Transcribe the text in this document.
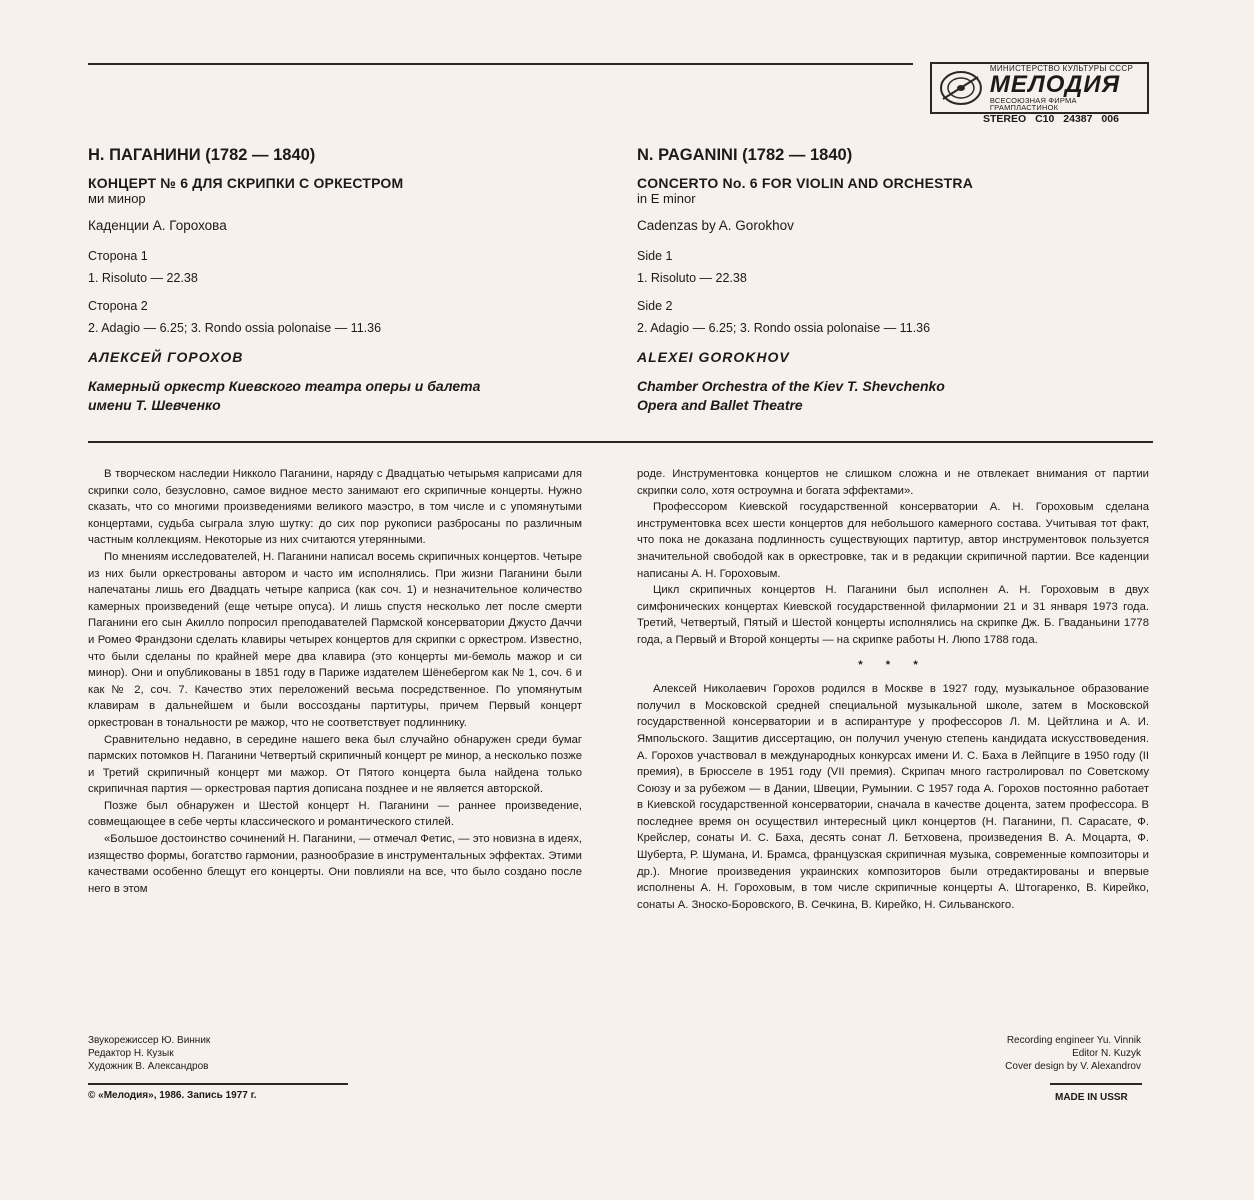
МИНИСТЕРСТВО КУЛЬТУРЫ СССР
МЕЛОДИЯ
ВСЕСОЮЗНАЯ ФИРМА ГРАМПЛАСТИНОК
STEREO С10 24387 006
Н. ПАГАНИНИ (1782 — 1840)
КОНЦЕРТ № 6 ДЛЯ СКРИПКИ С ОРКЕСТРОМ
ми минор
Каденции А. Горохова
Сторона 1
1. Risoluto — 22.38
Сторона 2
2. Adagio — 6.25; 3. Rondo ossia polonaise — 11.36
АЛЕКСЕЙ ГОРОХОВ
Камерный оркестр Киевского театра оперы и балета
имени Т. Шевченко
N. PAGANINI (1782 — 1840)
CONCERTO No. 6 FOR VIOLIN AND ORCHESTRA
in E minor
Cadenzas by A. Gorokhov
Side 1
1. Risoluto — 22.38
Side 2
2. Adagio — 6.25; 3. Rondo ossia polonaise — 11.36
ALEXEI GOROKHOV
Chamber Orchestra of the Kiev T. Shevchenko
Opera and Ballet Theatre

В творческом наследии Никколо Паганини, наряду с Двадцатью четырьмя каприсами для скрипки соло, безусловно, самое видное место занимают его скрипичные концерты. Нужно сказать, что со многими произведениями великого маэстро, в том числе и с упомянутыми концертами, судьба сыграла злую шутку: до сих пор рукописи разбросаны по различным частным коллекциям. Некоторые из них считаются утерянными.

По мнениям исследователей, Н. Паганини написал восемь скрипичных концертов. Четыре из них были оркестрованы автором и часто им исполнялись. При жизни Паганини были напечатаны лишь его Двадцать четыре каприса (как соч. 1) и незначительное количество камерных произведений (еще четыре опуса). И лишь спустя несколько лет после смерти Паганини его сын Акилло попросил преподавателей Пармской консерватории Джусто Даччи и Ромео Франдзони сделать клавиры четырех концертов для скрипки с оркестром. Известно, что были сделаны по крайней мере два клавира (это концерты ми-бемоль мажор и си минор). Они и опубликованы в 1851 году в Париже издателем Шёнебергом как № 1, соч. 6 и как № 2, соч. 7. Качество этих переложений весьма посредственное. По упомянутым клавирам в дальнейшем и были воссозданы партитуры, причем Первый концерт оркестрован в тональности ре мажор, что не соответствует подлиннику.

Сравнительно недавно, в середине нашего века был случайно обнаружен среди бумаг пармских потомков Н. Паганини Четвертый скрипичный концерт ре минор, а несколько позже и Третий скрипичный концерт ми мажор. От Пятого концерта была найдена только скрипичная партия — оркестровая партия дописана позднее и не является авторской.

Позже был обнаружен и Шестой концерт Н. Паганини — раннее произведение, совмещающее в себе черты классического и романтического стилей.

«Большое достоинство сочинений Н. Паганини, — отмечал Фетис, — это новизна в идеях, изящество формы, богатство гармонии, разнообразие в инструментальных эффектах. Этими качествами особенно блещут его концерты. Они повлияли на все, что было создано после него в этом

роде. Инструментовка концертов не слишком сложна и не отвлекает внимания от партии скрипки соло, хотя остроумна и богата эффектами».

Профессором Киевской государственной консерватории А. Н. Гороховым сделана инструментовка всех шести концертов для небольшого камерного состава. Учитывая тот факт, что пока не доказана подлинность существующих партитур, автор инструментовок пользуется значительной свободой как в оркестровке, так и в редакции скрипичной партии. Все каденции написаны А. Н. Гороховым.

Цикл скрипичных концертов Н. Паганини был исполнен А. Н. Гороховым в двух симфонических концертах Киевской государственной филармонии 21 и 31 января 1973 года. Третий, Четвертый, Пятый и Шестой концерты исполнялись на скрипке Дж. Б. Гваданьини 1778 года, а Первый и Второй концерты — на скрипке работы Н. Люпо 1788 года.

* * *

Алексей Николаевич Горохов родился в Москве в 1927 году, музыкальное образование получил в Московской средней специальной музыкальной школе, затем в Московской государственной консерватории и в аспирантуре у профессоров Л. М. Цейтлина и А. И. Ямпольского. Защитив диссертацию, он получил ученую степень кандидата искусствоведения. А. Горохов участвовал в международных конкурсах имени И. С. Баха в Лейпциге в 1950 году (II премия), в Брюсселе в 1951 году (VII премия). Скрипач много гастролировал по Советскому Союзу и за рубежом — в Дании, Швеции, Румынии. С 1957 года А. Горохов постоянно работает в Киевской государственной консерватории, сначала в качестве доцента, затем профессора. В последнее время он осуществил интересный цикл концертов (Н. Паганини, П. Сарасате, Ф. Крейслер, сонаты И. С. Баха, десять сонат Л. Бетховена, произведения В. А. Моцарта, Ф. Шуберта, Р. Шумана, И. Брамса, французская скрипичная музыка, современные композиторы и др.). Многие произведения украинских композиторов были отредактированы и впервые исполнены А. Н. Гороховым, в том числе скрипичные концерты А. Штогаренко, В. Кирейко, сонаты А. Зноско-Боровского, В. Сечкина, В. Кирейко, Н. Сильванского.

Звукорежиссер Ю. Винник
Редактор Н. Кузык
Художник В. Александров
Recording engineer Yu. Vinnik
Editor N. Kuzyk
Cover design by V. Alexandrov
© «Мелодия», 1986. Запись 1977 г.	MADE IN USSR
